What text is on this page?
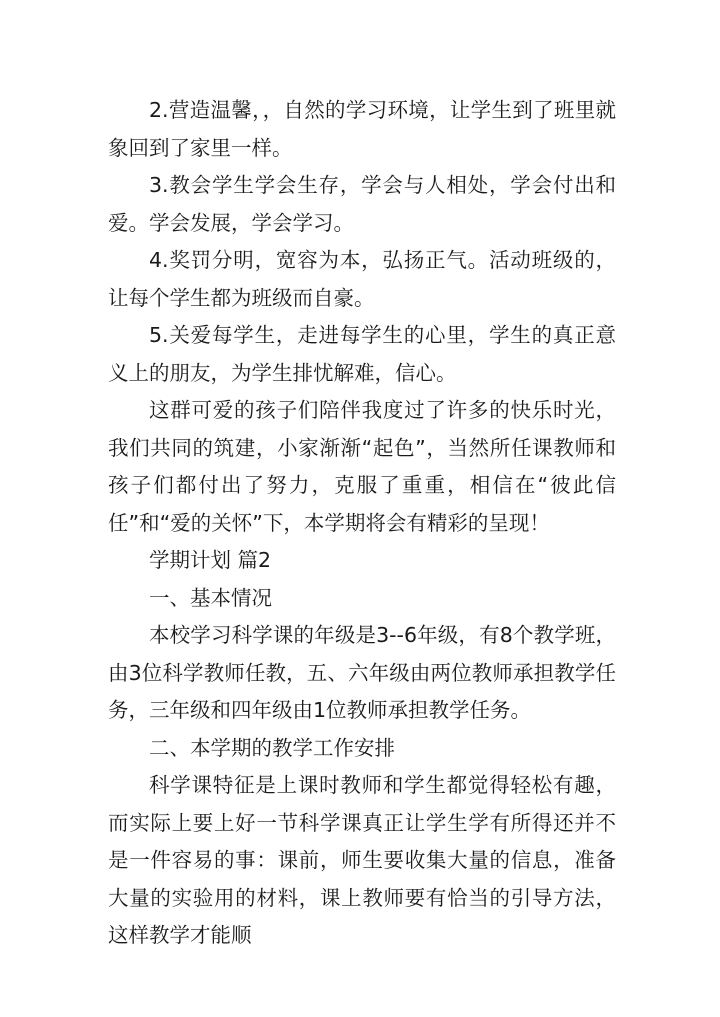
2.营造温馨，，自然的学习环境，让学生到了班里就象回到了家里一样。

3.教会学生学会生存，学会与人相处，学会付出和爱。学会发展，学会学习。

4.奖罚分明，宽容为本，弘扬正气。活动班级的，让每个学生都为班级而自豪。

5.关爱每学生，走进每学生的心里，学生的真正意义上的朋友，为学生排忧解难，信心。

这群可爱的孩子们陪伴我度过了许多的快乐时光，我们共同的筑建，小家渐渐“起色”，当然所任课教师和孩子们都付出了努力，克服了重重，相信在“彼此信任”和“爱的关怀”下，本学期将会有精彩的呈现！

学期计划 篇2

一、基本情况

本校学习科学课的年级是3--6年级，有8个教学班，由3位科学教师任教，五、六年级由两位教师承担教学任务，三年级和四年级由1位教师承担教学任务。

二、本学期的教学工作安排

科学课特征是上课时教师和学生都觉得轻松有趣，而实际上要上好一节科学课真正让学生学有所得还并不是一件容易的事：课前，师生要收集大量的信息，准备大量的实验用的材料，课上教师要有恰当的引导方法，这样教学才能顺
